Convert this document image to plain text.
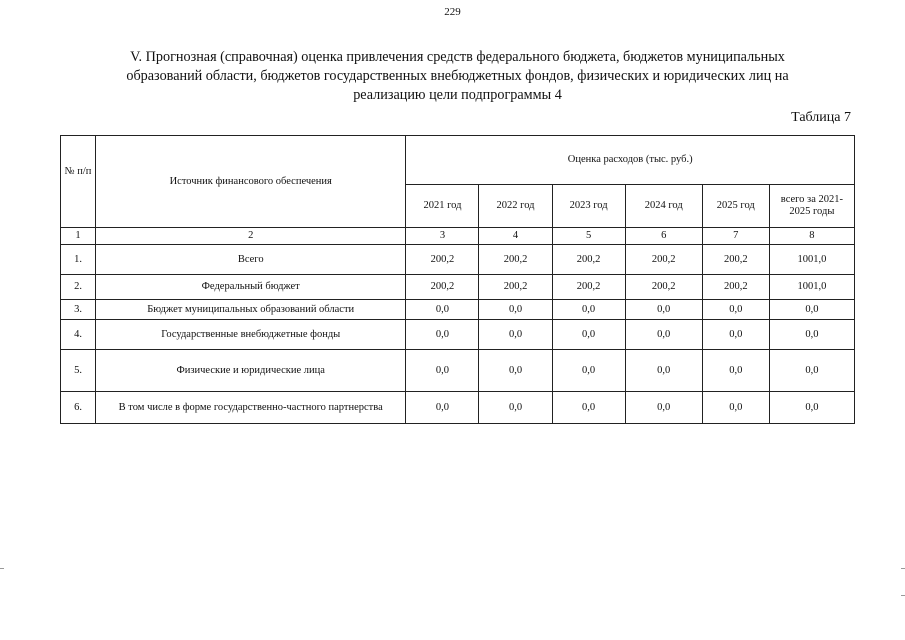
229
V. Прогнозная (справочная) оценка привлечения средств федерального бюджета, бюджетов муниципальных
образований области, бюджетов государственных внебюджетных фондов, физических и юридических лиц на
реализацию цели подпрограммы 4
Таблица 7
№ п/п	Источник финансового обеспечения	Оценка расходов (тыс. руб.)					
		2021 год	2022 год	2023 год	2024 год	2025 год	всего за 2021-2025 годы
1	2	3	4	5	6	7	8
1.	Всего	200,2	200,2	200,2	200,2	200,2	1001,0
2.	Федеральный бюджет	200,2	200,2	200,2	200,2	200,2	1001,0
3.	Бюджет муниципальных образований области	0,0	0,0	0,0	0,0	0,0	0,0
4.	Государственные внебюджетные фонды	0,0	0,0	0,0	0,0	0,0	0,0
5.	Физические и юридические лица	0,0	0,0	0,0	0,0	0,0	0,0
6.	В том числе в форме государственно-частного партнерства	0,0	0,0	0,0	0,0	0,0	0,0
